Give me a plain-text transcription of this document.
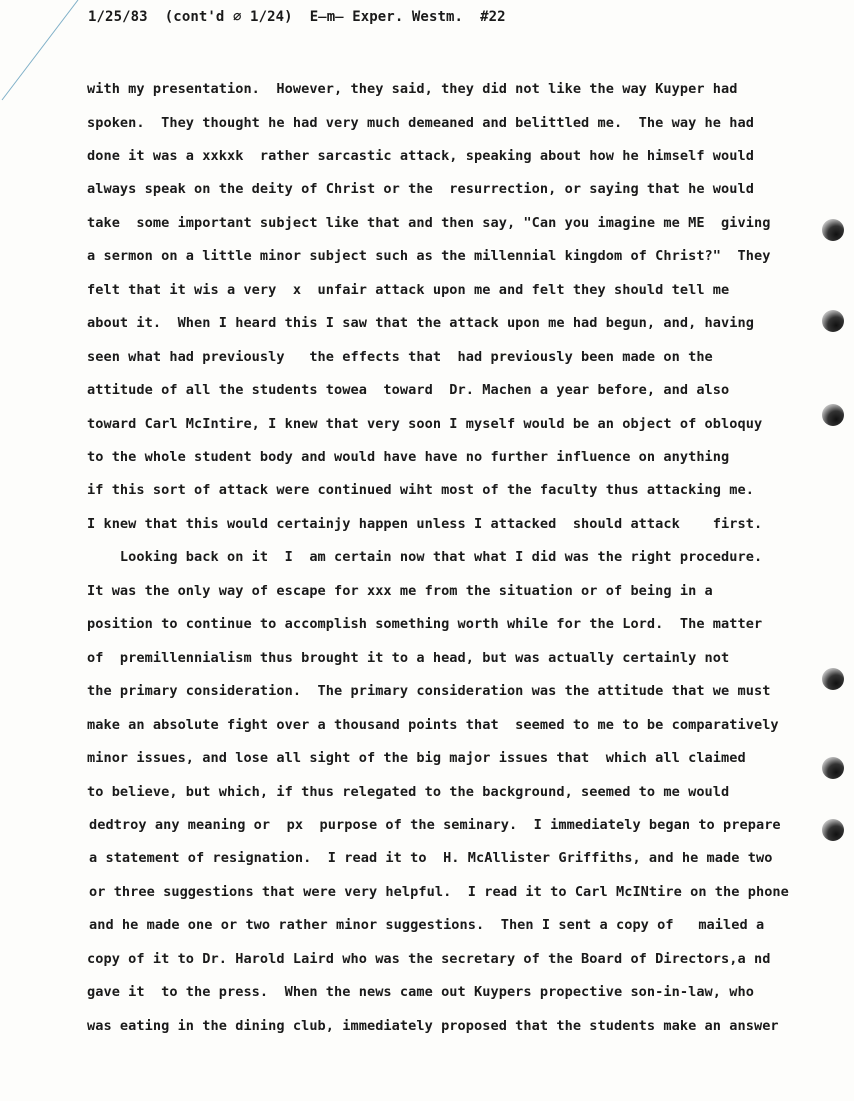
1/25/83  (cont'd ∅ 1/24)  E̶m̶ Exper. Westm.  #22
with my presentation.  However, they said, they did not like the way Kuyper had
spoken.  They thought he had very much demeaned and belittled me.  The way he had
done it was a xxkxk  rather sarcastic attack, speaking about how he himself would
always speak on the deity of Christ or the  resurrection, or saying that he would
take  some important subject like that and then say, "Can you imagine me ME  giving
a sermon on a little minor subject such as the millennial kingdom of Christ?"  They
felt that it wis a very  x  unfair attack upon me and felt they should tell me
about it.  When I heard this I saw that the attack upon me had begun, and, having
seen what had previously   the effects that  had previously been made on the
attitude of all the students towea  toward  Dr. Machen a year before, and also
toward Carl McIntire, I knew that very soon I myself would be an object of obloquy
to the whole student body and would have have no further influence on anything
if this sort of attack were continued wiht most of the faculty thus attacking me.
I knew that this would certainjy happen unless I attacked  should attack    first.
Looking back on it  I  am certain now that what I did was the right procedure.
It was the only way of escape for xxx me from the situation or of being in a
position to continue to accomplish something worth while for the Lord.  The matter
of  premillennialism thus brought it to a head, but was actually certainly not
the primary consideration.  The primary consideration was the attitude that we must
make an absolute fight over a thousand points that  seemed to me to be comparatively
minor issues, and lose all sight of the big major issues that  which all claimed
to believe, but which, if thus relegated to the background, seemed to me would
dedtroy any meaning or  px  purpose of the seminary.  I immediately began to prepare
a statement of resignation.  I read it to  H. McAllister Griffiths, and he made two
or three suggestions that were very helpful.  I read it to Carl McINtire on the phone
and he made one or two rather minor suggestions.  Then I sent a copy of   mailed a
copy of it to Dr. Harold Laird who was the secretary of the Board of Directors,a nd
gave it  to the press.  When the news came out Kuypers propective son-in-law, who
was eating in the dining club, immediately proposed that the students make an answer
